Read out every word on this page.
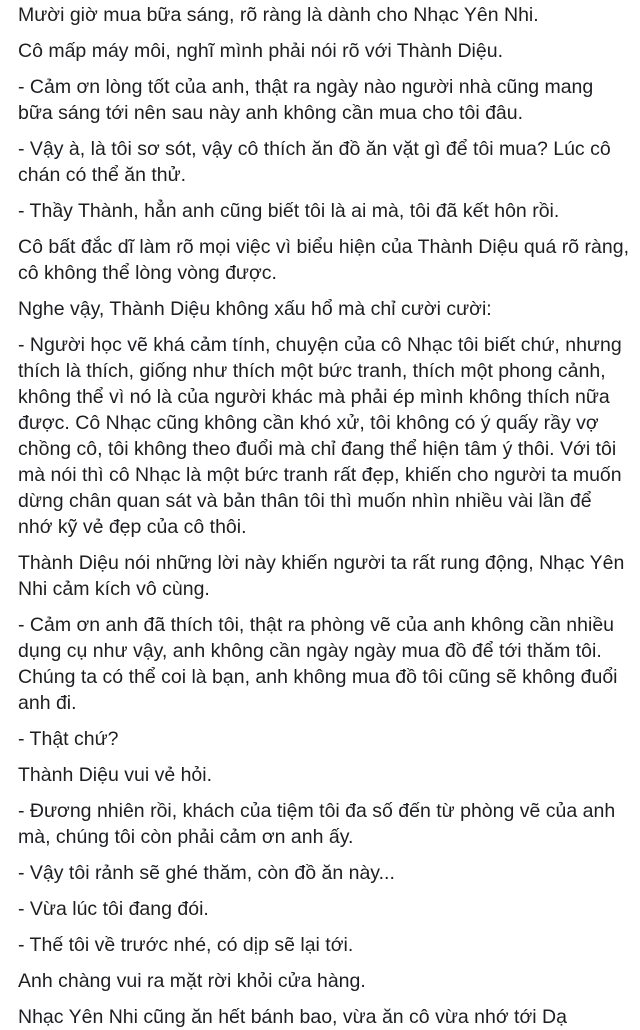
Mười giờ mua bữa sáng, rõ ràng là dành cho Nhạc Yên Nhi.

Cô mấp máy môi, nghĩ mình phải nói rõ với Thành Diệu.

- Cảm ơn lòng tốt của anh, thật ra ngày nào người nhà cũng mang bữa sáng tới nên sau này anh không cần mua cho tôi đâu.

- Vậy à, là tôi sơ sót, vậy cô thích ăn đồ ăn vặt gì để tôi mua? Lúc cô chán có thể ăn thử.

- Thầy Thành, hẳn anh cũng biết tôi là ai mà, tôi đã kết hôn rồi.

Cô bất đắc dĩ làm rõ mọi việc vì biểu hiện của Thành Diệu quá rõ ràng, cô không thể lòng vòng được.

Nghe vậy, Thành Diệu không xấu hổ mà chỉ cười cười:

- Người học vẽ khá cảm tính, chuyện của cô Nhạc tôi biết chứ, nhưng thích là thích, giống như thích một bức tranh, thích một phong cảnh, không thể vì nó là của người khác mà phải ép mình không thích nữa được. Cô Nhạc cũng không cần khó xử, tôi không có ý quấy rầy vợ chồng cô, tôi không theo đuổi mà chỉ đang thể hiện tâm ý thôi. Với tôi mà nói thì cô Nhạc là một bức tranh rất đẹp, khiến cho người ta muốn dừng chân quan sát và bản thân tôi thì muốn nhìn nhiều vài lần để nhớ kỹ vẻ đẹp của cô thôi.

Thành Diệu nói những lời này khiến người ta rất rung động, Nhạc Yên Nhi cảm kích vô cùng.

- Cảm ơn anh đã thích tôi, thật ra phòng vẽ của anh không cần nhiều dụng cụ như vậy, anh không cần ngày ngày mua đồ để tới thăm tôi. Chúng ta có thể coi là bạn, anh không mua đồ tôi cũng sẽ không đuổi anh đi.

- Thật chứ?

Thành Diệu vui vẻ hỏi.

- Đương nhiên rồi, khách của tiệm tôi đa số đến từ phòng vẽ của anh mà, chúng tôi còn phải cảm ơn anh ấy.

- Vậy tôi rảnh sẽ ghé thăm, còn đồ ăn này...

- Vừa lúc tôi đang đói.

- Thế tôi về trước nhé, có dịp sẽ lại tới.

Anh chàng vui ra mặt rời khỏi cửa hàng.

Nhạc Yên Nhi cũng ăn hết bánh bao, vừa ăn cô vừa nhớ tới Dạ
